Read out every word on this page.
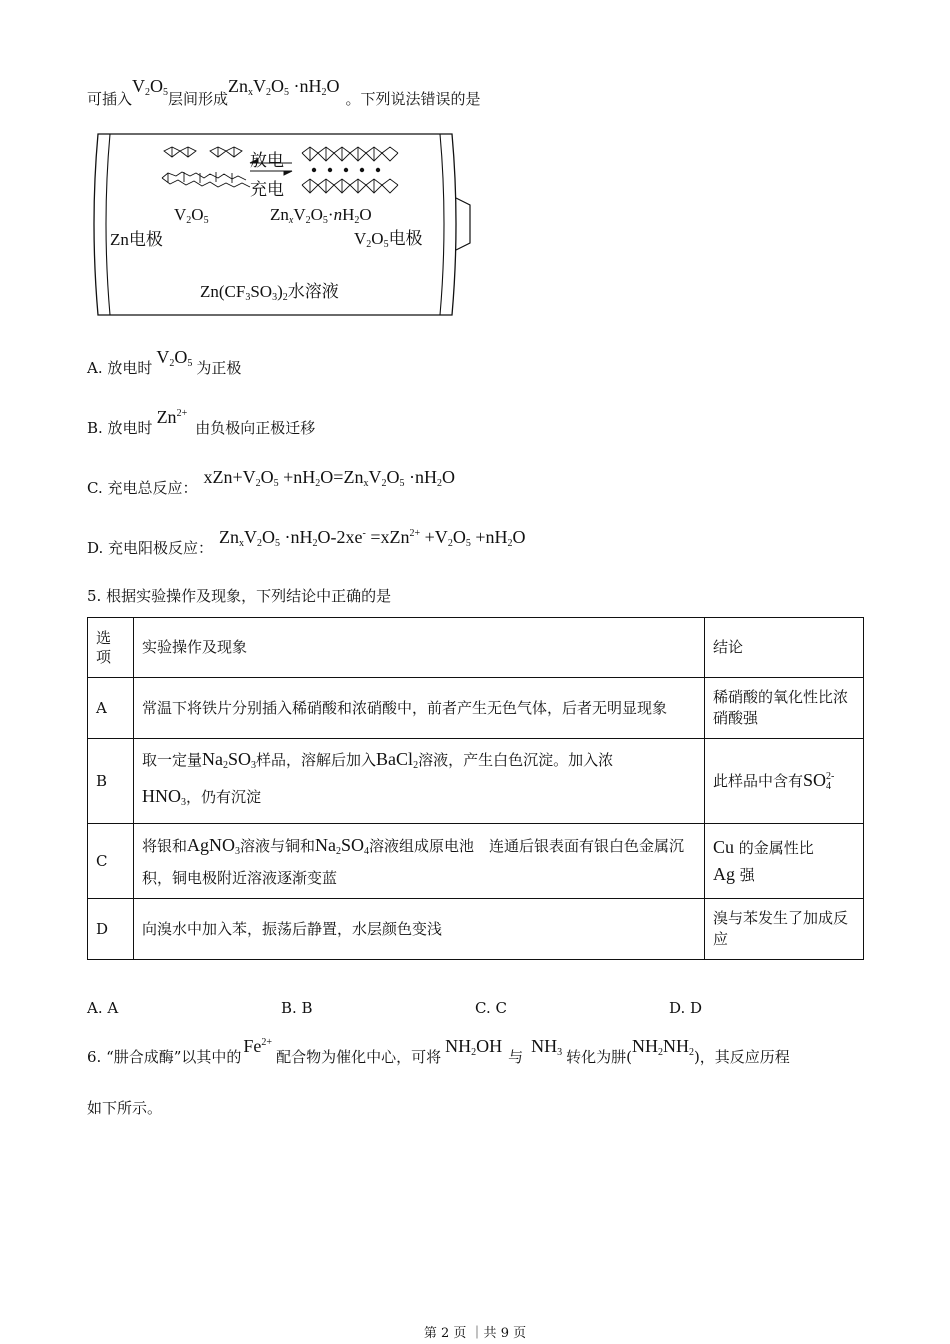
可插入$V_2O_5$层间形成$Zn_xV_2O_5 \cdot nH_2O$。下列说法错误的是
放电
充电
$V_2O_5$	$Zn_xV_2O_5\cdot nH_2O$
Zn电极	$V_2O_5$电极
$Zn(CF_3SO_3)_2$水溶液
A. 放电时$V_2O_5$ 为正极
B. 放电时$Zn^{2+}$由负极向正极迁移
C. 充电总反应：$xZn+V_2O_5 +nH_2O=Zn_xV_2O_5 \cdot nH_2O$
D. 充电阳极反应：$Zn_xV_2O_5 \cdot nH_2O-2xe^- =xZn^{2+} +V_2O_5 +nH_2O$
5. 根据实验操作及现象，下列结论中正确的是
选
项	实验操作及现象	结论
A	常温下将铁片分别插入稀硝酸和浓硝酸中，前者产生无色气体，后者无明显现象	稀硝酸的氧化性比浓硝酸强
B	取一定量$Na_2SO_3$样品，溶解后加入BaCl$_2$溶液，产生白色沉淀。加入浓
$HNO_3$，仍有沉淀	此样品中含有SO2-
4
C	将银和AgNO$_3$溶液与铜和$Na_2SO_4$溶液组成原电池　连通后银表面有银白色金属沉积，铜电极附近溶液逐渐变蓝	Cu 的金属性比
Ag 强
D	向溴水中加入苯，振荡后静置，水层颜色变浅	溴与苯发生了加成反应
A. A	B. B	C. C	D. D
6. “肼合成酶”以其中的$Fe^{2+}$配合物为催化中心，可将$NH_2OH$与$NH_3$ 转化为肼$(NH_2NH_2)$，其反应历程
如下所示。
第 2 页 ｜共 9 页
